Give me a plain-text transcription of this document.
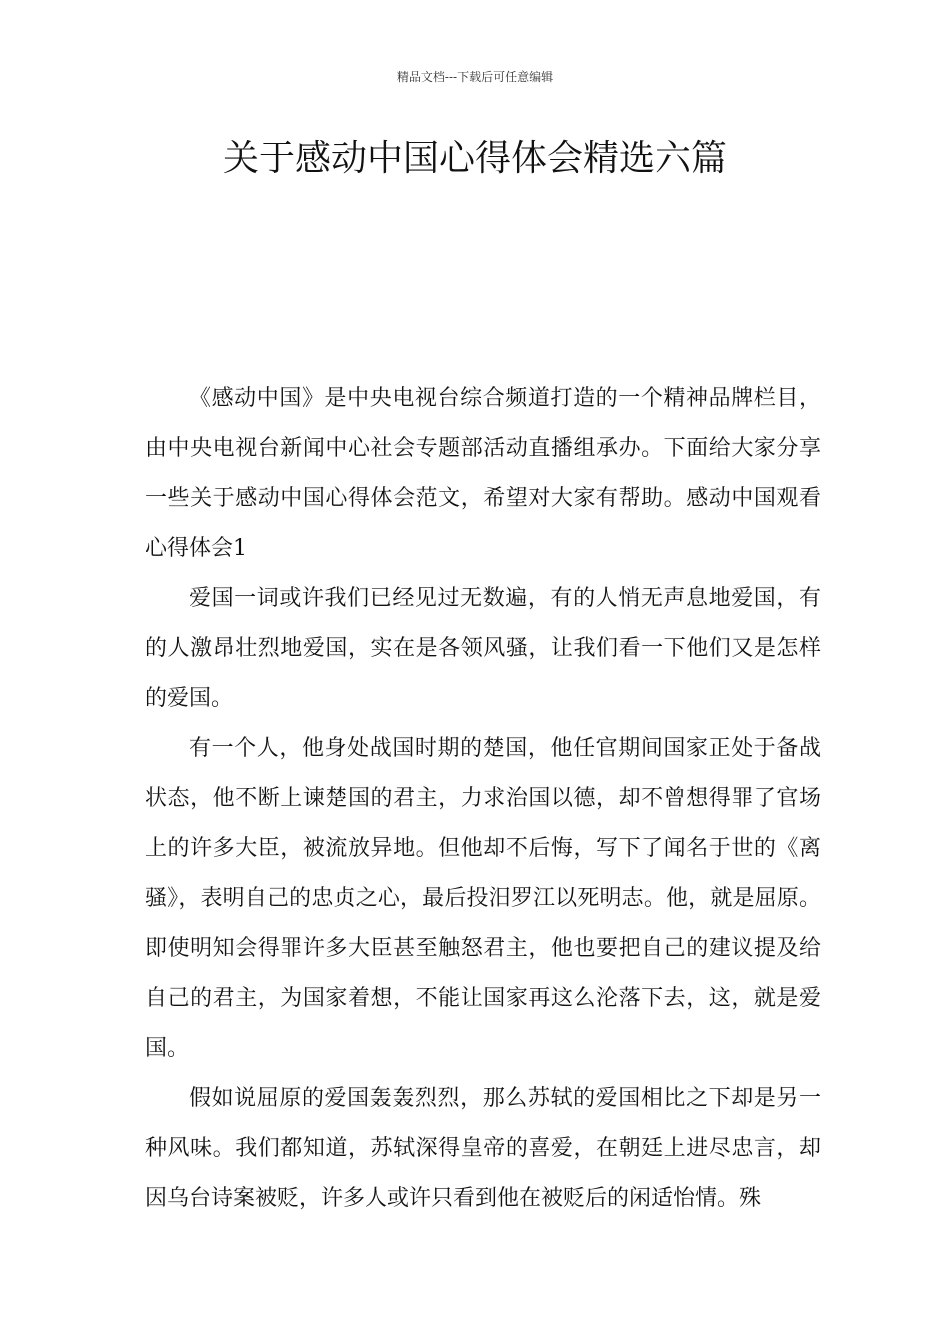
精品文档---下载后可任意编辑
关于感动中国心得体会精选六篇

《感动中国》是中央电视台综合频道打造的一个精神品牌栏目，由中央电视台新闻中心社会专题部活动直播组承办。下面给大家分享一些关于感动中国心得体会范文，希望对大家有帮助。感动中国观看心得体会1

爱国一词或许我们已经见过无数遍，有的人悄无声息地爱国，有的人激昂壮烈地爱国，实在是各领风骚，让我们看一下他们又是怎样的爱国。

有一个人，他身处战国时期的楚国，他任官期间国家正处于备战状态，他不断上谏楚国的君主，力求治国以德，却不曾想得罪了官场上的许多大臣，被流放异地。但他却不后悔，写下了闻名于世的《离骚》，表明自己的忠贞之心，最后投汨罗江以死明志。他，就是屈原。即使明知会得罪许多大臣甚至触怒君主，他也要把自己的建议提及给自己的君主，为国家着想，不能让国家再这么沦落下去，这，就是爱国。

假如说屈原的爱国轰轰烈烈，那么苏轼的爱国相比之下却是另一种风味。我们都知道，苏轼深得皇帝的喜爱，在朝廷上进尽忠言，却因乌台诗案被贬，许多人或许只看到他在被贬后的闲适怡情。殊
